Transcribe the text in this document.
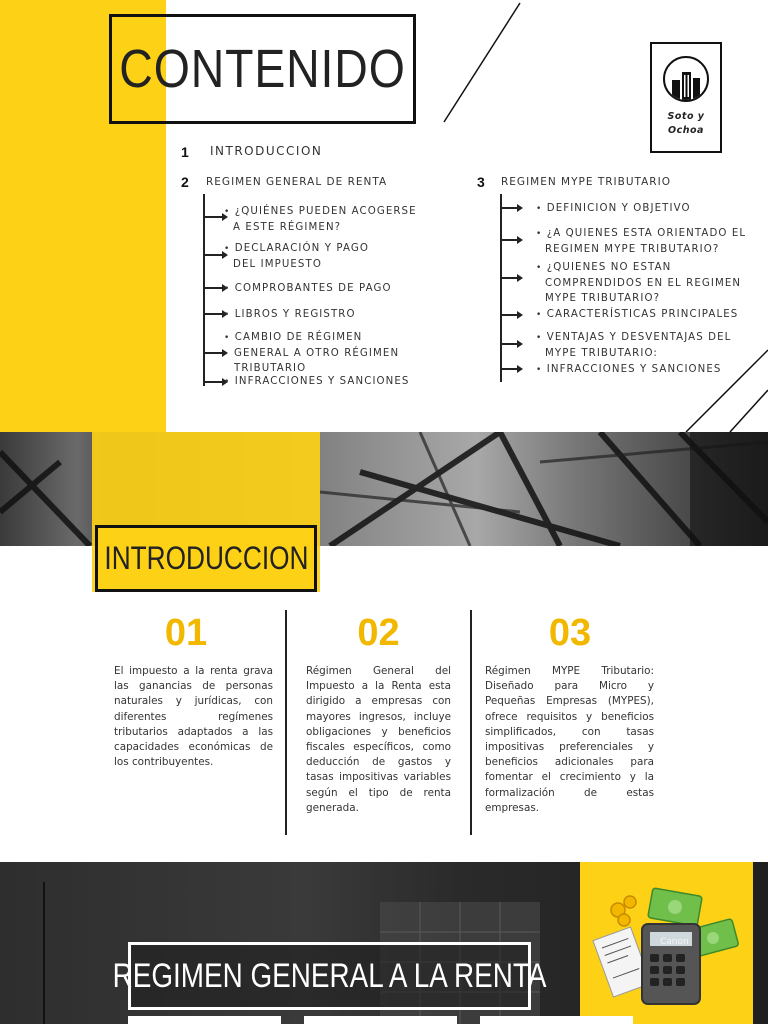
CONTENIDO
Soto y
Ochoa
1 INTRODUCCION
2 REGIMEN GENERAL DE RENTA
• ¿QUIÉNES PUEDEN ACOGERSE
A ESTE RÉGIMEN?
• DECLARACIÓN Y PAGO
DEL IMPUESTO
• COMPROBANTES DE PAGO
• LIBROS Y REGISTRO
• CAMBIO DE RÉGIMEN
GENERAL A OTRO RÉGIMEN
TRIBUTARIO
• INFRACCIONES Y SANCIONES
3 REGIMEN MYPE TRIBUTARIO
• DEFINICION Y OBJETIVO
• ¿A QUIENES ESTA ORIENTADO EL
REGIMEN MYPE TRIBUTARIO?
• ¿QUIENES NO ESTAN
COMPRENDIDOS EN EL REGIMEN
MYPE TRIBUTARIO?
• CARACTERÍSTICAS PRINCIPALES
• VENTAJAS Y DESVENTAJAS DEL
MYPE TRIBUTARIO:
• INFRACCIONES Y SANCIONES
INTRODUCCION
01
El impuesto a la renta grava las ganancias de personas naturales y jurídicas, con diferentes regímenes tributarios adaptados a las capacidades económicas de los contribuyentes.
02
Régimen General del Impuesto a la Renta esta dirigido a empresas con mayores ingresos, incluye obligaciones y beneficios fiscales específicos, como deducción de gastos y tasas impositivas variables según el tipo de renta generada.
03
Régimen MYPE Tributario: Diseñado para Micro y Pequeñas Empresas (MYPES), ofrece requisitos y beneficios simplificados, con tasas impositivas preferenciales y beneficios adicionales para fomentar el crecimiento y la formalización de estas empresas.
Canon
REGIMEN GENERAL A LA RENTA
